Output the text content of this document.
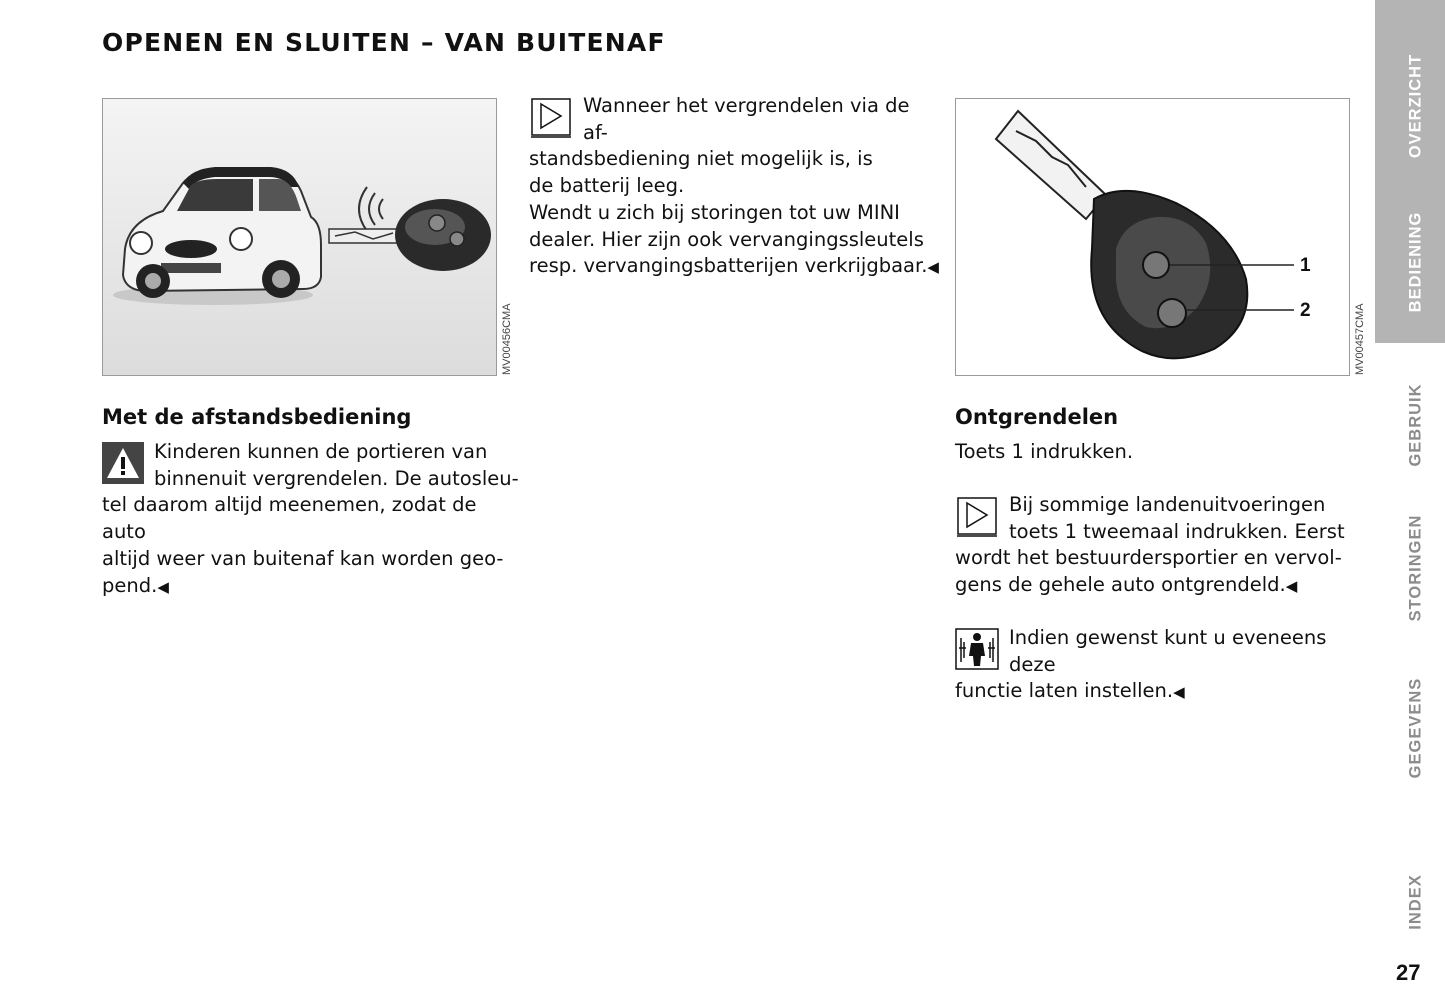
OPENEN EN SLUITEN – VAN BUITENAF
MV00456CMA
1
2	MV00457CMA
Wanneer het vergrendelen via de af-
standsbediening niet mogelijk is, is
de batterij leeg.
Wendt u zich bij storingen tot uw MINI
dealer. Hier zijn ook vervangingssleutels
resp. vervangingsbatterijen verkrijgbaar.◀
Met de afstandsbediening
Kinderen kunnen de portieren van
binnenuit vergrendelen. De autosleu-
tel daarom altijd meenemen, zodat de auto
altijd weer van buitenaf kan worden geo-
pend.◀
Ontgrendelen
Toets 1 indrukken.
Bij sommige landenuitvoeringen
toets 1 tweemaal indrukken. Eerst
wordt het bestuurdersportier en vervol-
gens de gehele auto ontgrendeld.◀
Indien gewenst kunt u eveneens deze
functie laten instellen.◀
OVERZICHT
BEDIENING
GEBRUIK
STORINGEN
GEGEVENS
INDEX
27
